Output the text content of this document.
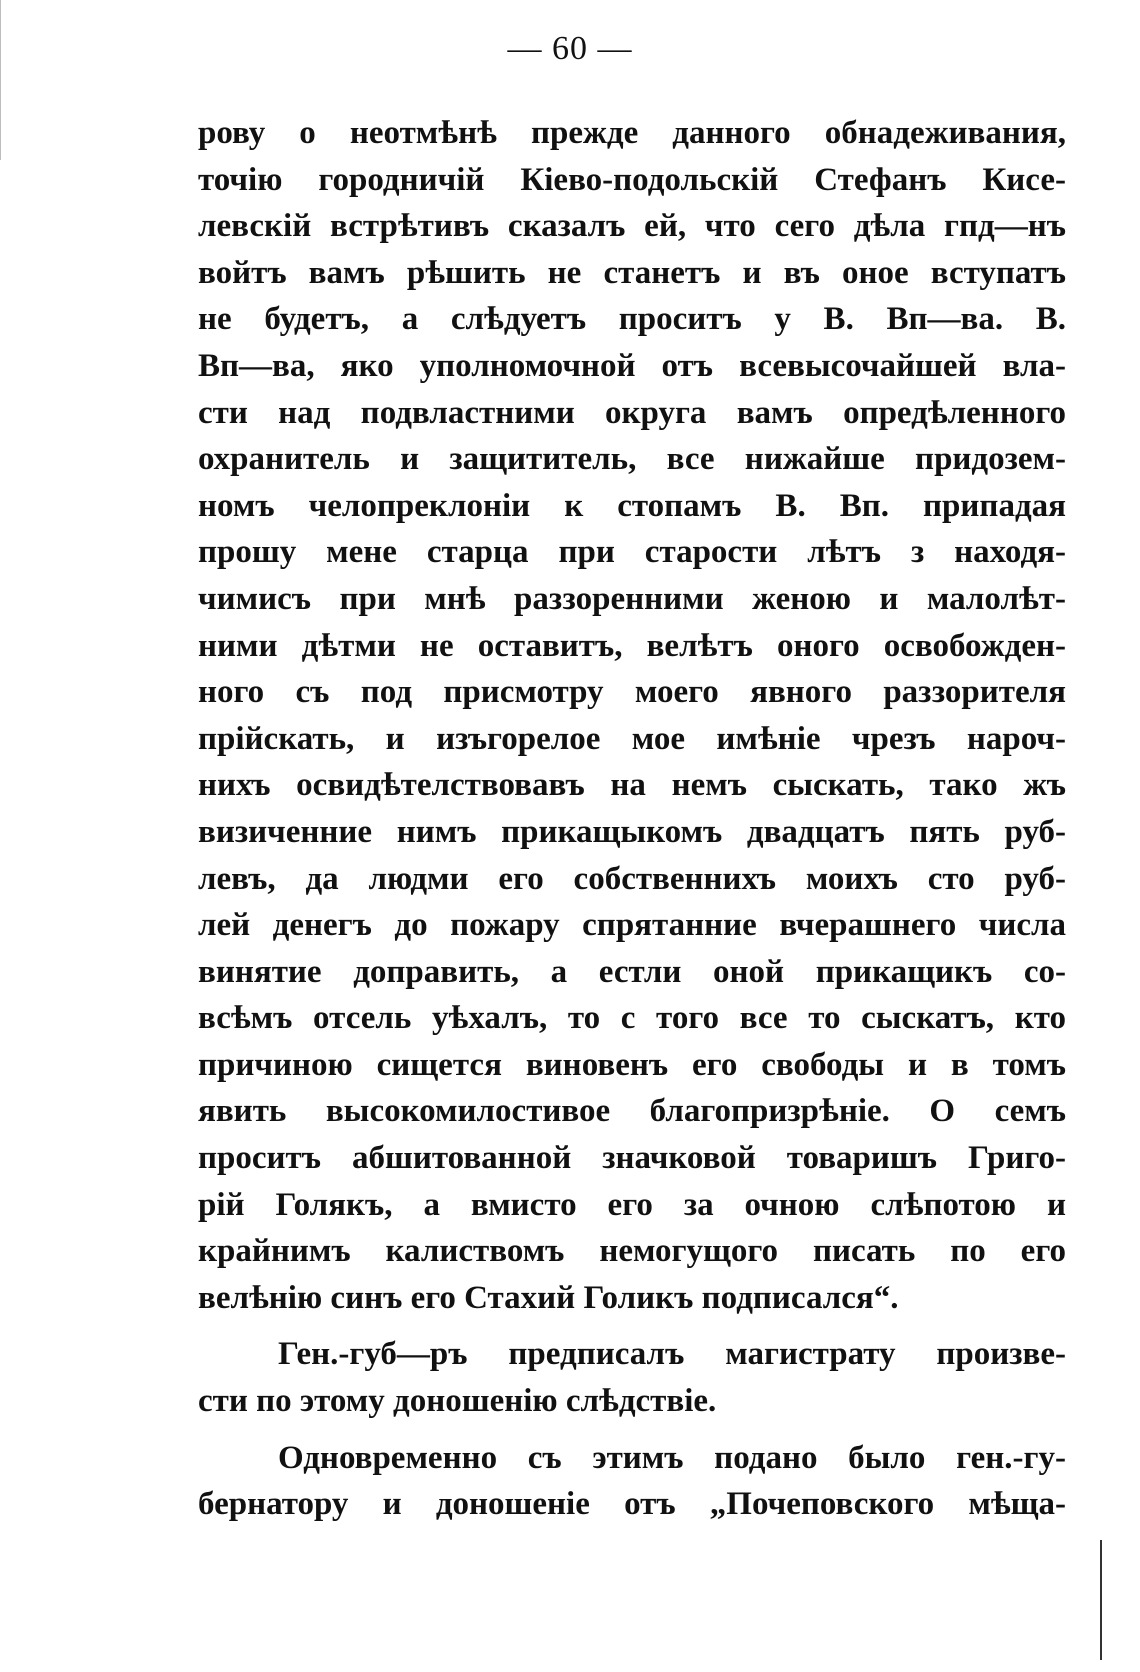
— 60 —
рову о неотмѣнѣ прежде данного обнадеживания,
точію городничій Кіево-подольскій Стефанъ Кисе-
левскій встрѣтивъ сказалъ ей, что сего дѣла гпд—нъ
войтъ вамъ рѣшить не станетъ и въ оное вступатъ
не будетъ, а слѣдуетъ проситъ у В. Вп—ва. В.
Вп—ва, яко уполномочной отъ всевысочайшей вла-
сти над подвластними округа вамъ опредѣленного
охранитель и защититель, все нижайше придозем-
номъ челопреклоніи к стопамъ В. Вп. припадая
прошу мене старца при старости лѣтъ з находя-
чимисъ при мнѣ раззоренними женою и малолѣт-
ними дѣтми не оставитъ, велѣтъ оного освобожден-
ного съ под присмотру моего явного раззорителя
прійскать, и изъгорелое мое имѣніе чрезъ нароч-
нихъ освидѣтелствовавъ на немъ сыскать, тако жъ
визиченние нимъ прикащыкомъ двадцатъ пять руб-
левъ, да людми его собственнихъ моихъ сто руб-
лей денегъ до пожару спрятанние вчерашнего числа
винятие доправить, а естли оной прикащикъ со-
всѣмъ отсель уѣхалъ, то с того все то сыскатъ, кто
причиною сищется виновенъ его свободы и в томъ
явить высокомилостивое благопризрѣніе. О семъ
проситъ абшитованной значковой товаришъ Григо-
рій Голякъ, а вмисто его за очною слѣпотою и
крайнимъ калиствомъ немогущого писать по его
велѣнію синъ его Стахий Голикъ подписался“.
Ген.-губ—ръ предписалъ магистрату произве-
сти по этому доношенію слѣдствіе.
Одновременно съ этимъ подано было ген.-гу-
бернатору и доношеніе отъ „Почеповского мѣща-
